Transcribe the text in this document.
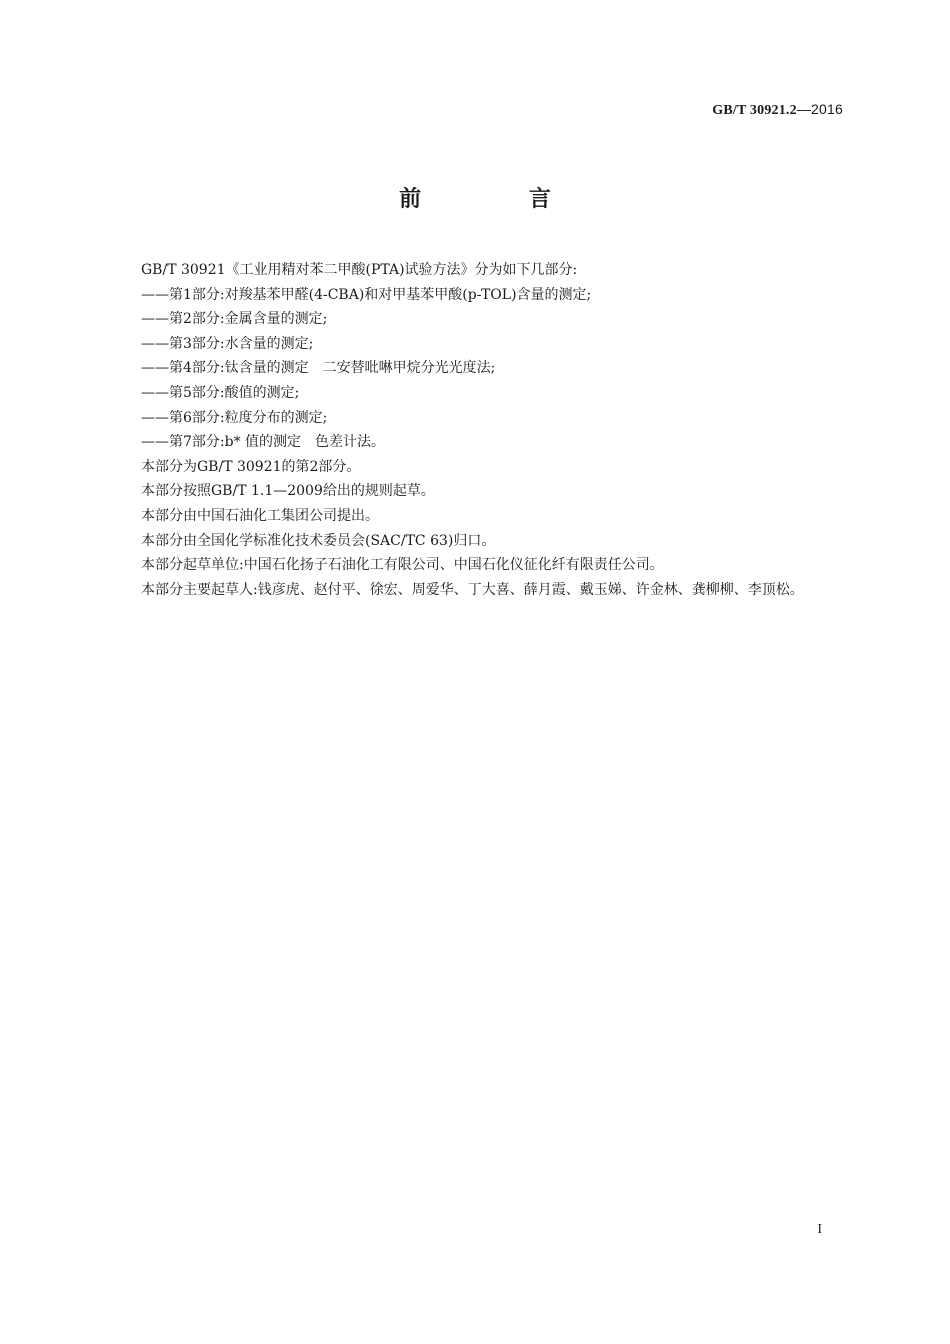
GB/T 30921.2—2016
前 言

GB/T 30921《工业用精对苯二甲酸(PTA)试验方法》分为如下几部分:

——第1部分:对羧基苯甲醛(4-CBA)和对甲基苯甲酸(p-TOL)含量的测定;

——第2部分:金属含量的测定;

——第3部分:水含量的测定;

——第4部分:钛含量的测定　二安替吡啉甲烷分光光度法;

——第5部分:酸值的测定;

——第6部分:粒度分布的测定;

——第7部分:b* 值的测定　色差计法。

本部分为GB/T 30921的第2部分。

本部分按照GB/T 1.1—2009给出的规则起草。

本部分由中国石油化工集团公司提出。

本部分由全国化学标准化技术委员会(SAC/TC 63)归口。

本部分起草单位:中国石化扬子石油化工有限公司、中国石化仪征化纤有限责任公司。

本部分主要起草人:钱彦虎、赵付平、徐宏、周爱华、丁大喜、薛月霞、戴玉娣、许金林、龚柳柳、李顶松。

I
